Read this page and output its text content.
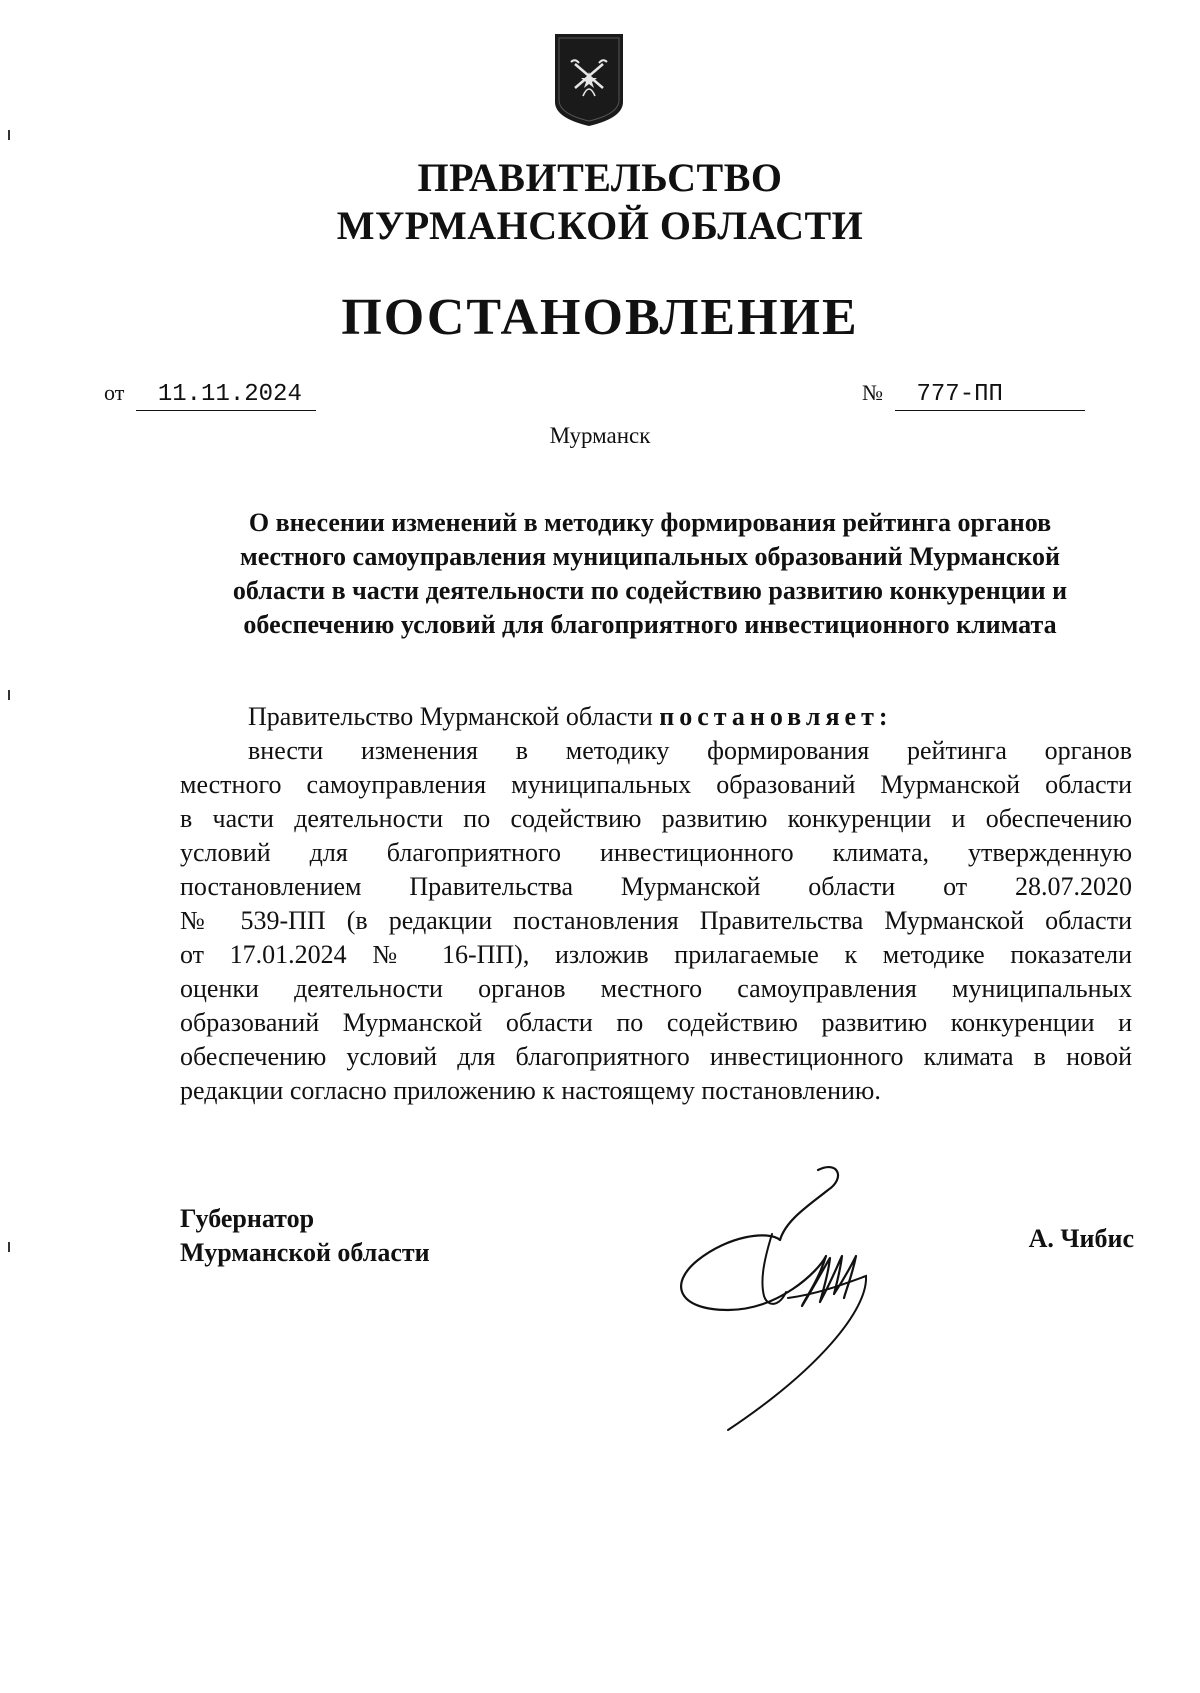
ПРАВИТЕЛЬСТВО
МУРМАНСКОЙ ОБЛАСТИ
ПОСТАНОВЛЕНИЕ
от 11.11.2024	№ 777-ПП
Мурманск
О внесении изменений в методику формирования рейтинга органов
местного самоуправления муниципальных образований Мурманской
области в части деятельности по содействию развитию конкуренции и
обеспечению условий для благоприятного инвестиционного климата
Правительство Мурманской области постановляет:
внести изменения в методику формирования рейтинга органов
местного самоуправления муниципальных образований Мурманской области
в части деятельности по содействию развитию конкуренции и обеспечению
условий для благоприятного инвестиционного климата, утвержденную
постановлением Правительства Мурманской области от 28.07.2020
№ 539-ПП (в редакции постановления Правительства Мурманской области
от 17.01.2024 № 16-ПП), изложив прилагаемые к методике показатели
оценки деятельности органов местного самоуправления муниципальных
образований Мурманской области по содействию развитию конкуренции и
обеспечению условий для благоприятного инвестиционного климата в новой
редакции согласно приложению к настоящему постановлению.
Губернатор
Мурманской области	А. Чибис
